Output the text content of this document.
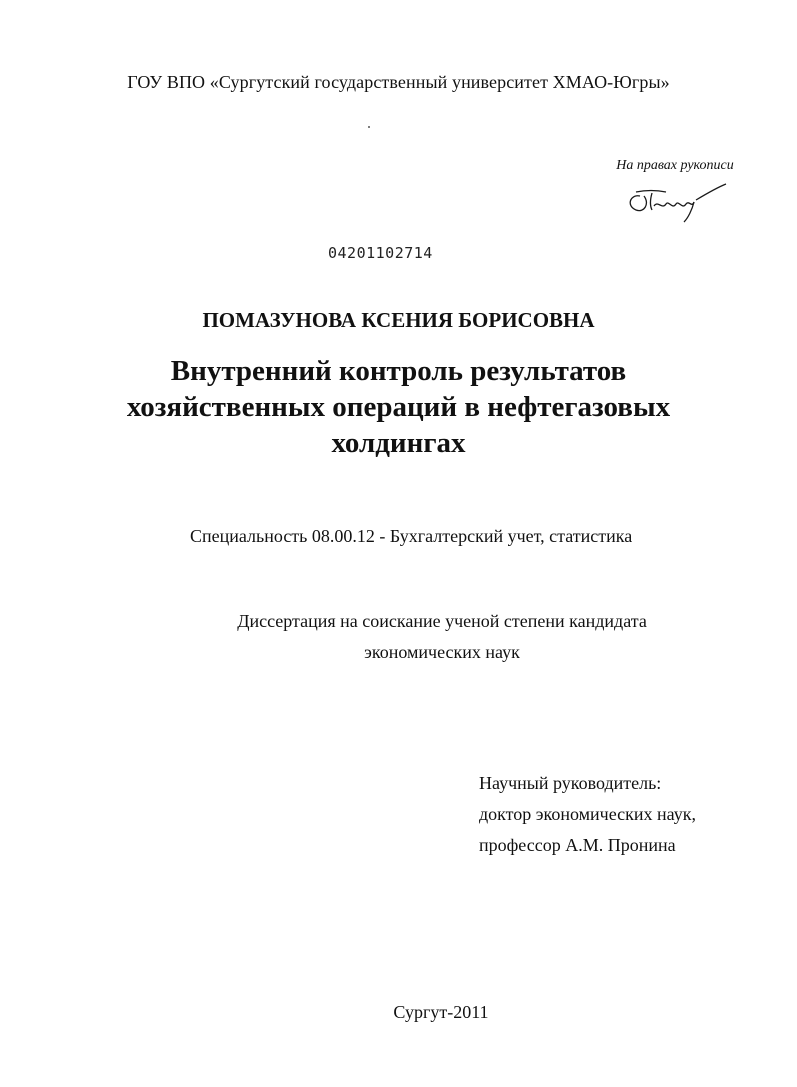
ГОУ ВПО «Сургутский государственный университет ХМАО-Югры»
На правах рукописи
04201102714
ПОМАЗУНОВА КСЕНИЯ БОРИСОВНА
Внутренний контроль результатов
хозяйственных операций в нефтегазовых
холдингах
Специальность 08.00.12 - Бухгалтерский учет, статистика
Диссертация на соискание ученой степени кандидата
экономических наук
Научный руководитель:
доктор экономических наук,
профессор А.М. Пронина
Сургут-2011
